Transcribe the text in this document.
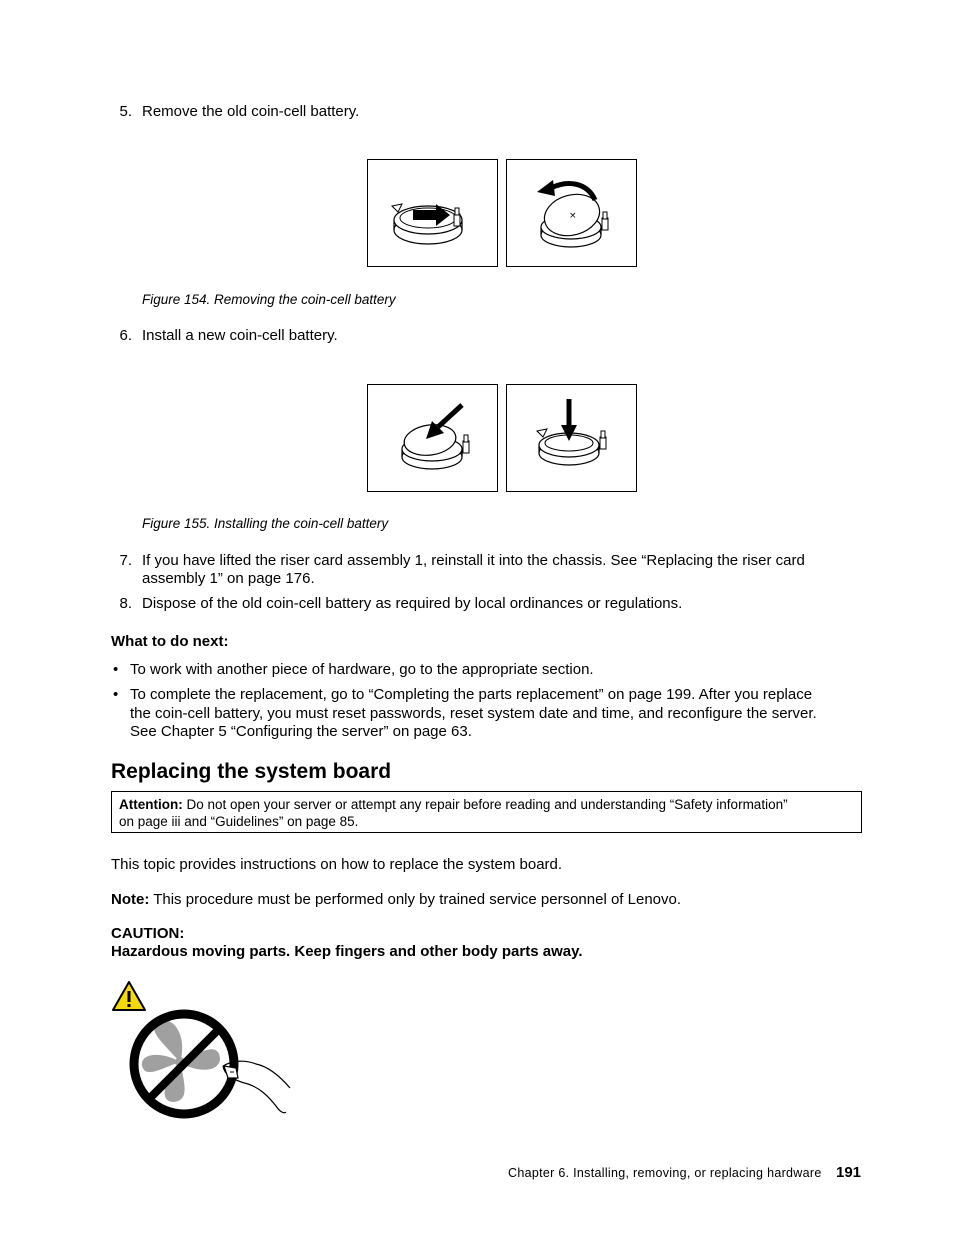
5. Remove the old coin-cell battery.
×
Figure 154. Removing the coin-cell battery
6. Install a new coin-cell battery.
Figure 155. Installing the coin-cell battery
7. If you have lifted the riser card assembly 1, reinstall it into the chassis. See “Replacing the riser card
assembly 1” on page 176.
8. Dispose of the old coin-cell battery as required by local ordinances or regulations.
What to do next:
• To work with another piece of hardware, go to the appropriate section.
• To complete the replacement, go to “Completing the parts replacement” on page 199. After you replace
the coin-cell battery, you must reset passwords, reset system date and time, and reconfigure the server.
See Chapter 5 “Configuring the server” on page 63.
Replacing the system board
Attention: Do not open your server or attempt any repair before reading and understanding “Safety information”
on page iii and “Guidelines” on page 85.
This topic provides instructions on how to replace the system board.
Note: This procedure must be performed only by trained service personnel of Lenovo.
CAUTION:
Hazardous moving parts. Keep fingers and other body parts away.
Chapter 6. Installing, removing, or replacing hardware 191
